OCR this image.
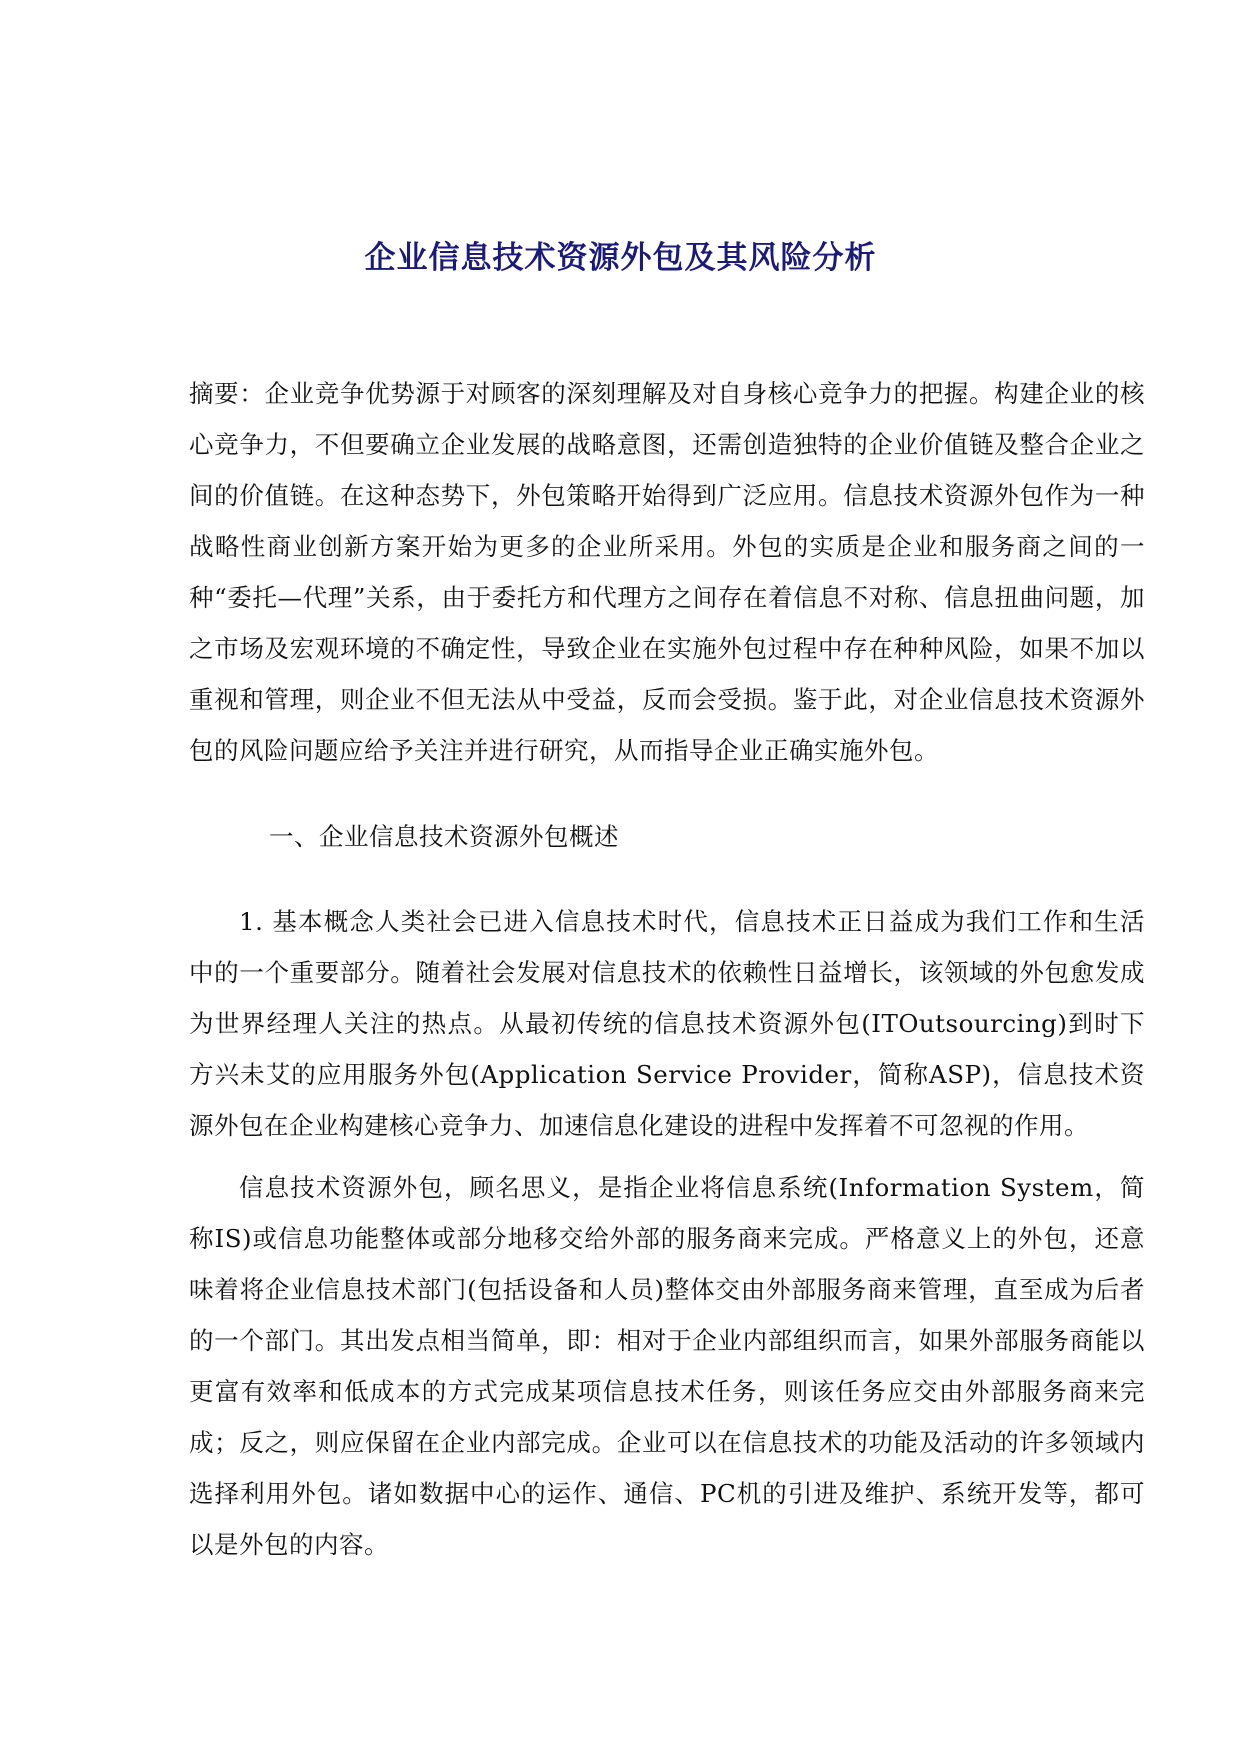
企业信息技术资源外包及其风险分析

摘要：企业竞争优势源于对顾客的深刻理解及对自身核心竞争力的把握。构建企业的核心竞争力，不但要确立企业发展的战略意图，还需创造独特的企业价值链及整合企业之间的价值链。在这种态势下，外包策略开始得到广泛应用。信息技术资源外包作为一种战略性商业创新方案开始为更多的企业所采用。外包的实质是企业和服务商之间的一种“委托—代理”关系，由于委托方和代理方之间存在着信息不对称、信息扭曲问题，加之市场及宏观环境的不确定性，导致企业在实施外包过程中存在种种风险，如果不加以重视和管理，则企业不但无法从中受益，反而会受损。鉴于此，对企业信息技术资源外包的风险问题应给予关注并进行研究，从而指导企业正确实施外包。

一、企业信息技术资源外包概述

1. 基本概念人类社会已进入信息技术时代，信息技术正日益成为我们工作和生活中的一个重要部分。随着社会发展对信息技术的依赖性日益增长，该领域的外包愈发成为世界经理人关注的热点。从最初传统的信息技术资源外包(ITOutsourcing)到时下方兴未艾的应用服务外包(Application Service Provider，简称ASP)，信息技术资源外包在企业构建核心竞争力、加速信息化建设的进程中发挥着不可忽视的作用。

信息技术资源外包，顾名思义，是指企业将信息系统(Information System，简称IS)或信息功能整体或部分地移交给外部的服务商来完成。严格意义上的外包，还意味着将企业信息技术部门(包括设备和人员)整体交由外部服务商来管理，直至成为后者的一个部门。其出发点相当简单，即：相对于企业内部组织而言，如果外部服务商能以更富有效率和低成本的方式完成某项信息技术任务，则该任务应交由外部服务商来完成；反之，则应保留在企业内部完成。企业可以在信息技术的功能及活动的许多领域内选择利用外包。诸如数据中心的运作、通信、PC机的引进及维护、系统开发等，都可以是外包的内容。
